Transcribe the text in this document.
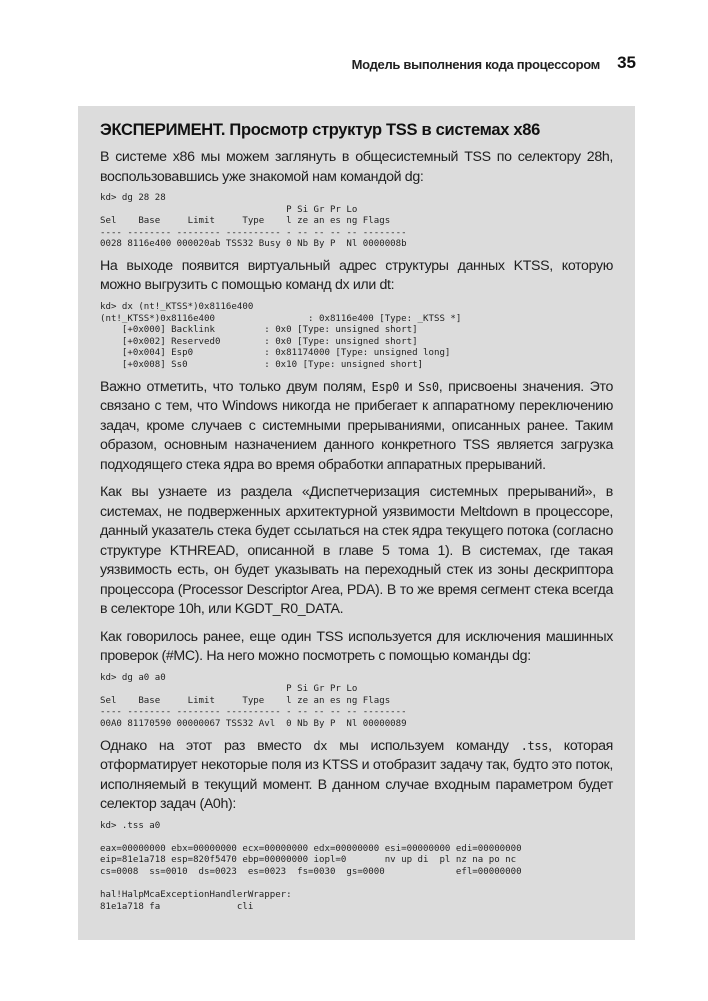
Модель выполнения кода процессором 35
ЭКСПЕРИМЕНТ. Просмотр структур TSS в системах x86

В системе x86 мы можем заглянуть в общесистемный TSS по селектору 28h, воспользовавшись уже знакомой нам командой dg:

kd> dg 28 28
P Si Gr Pr Lo
Sel    Base     Limit     Type    l ze an es ng Flags
---- -------- -------- ---------- - -- -- -- -- --------
0028 8116e400 000020ab TSS32 Busy 0 Nb By P  Nl 0000008b

На выходе появится виртуальный адрес структуры данных KTSS, которую можно выгрузить с помощью команд dx или dt:

kd> dx (nt!_KTSS*)0x8116e400
(nt!_KTSS*)0x8116e400                 : 0x8116e400 [Type: _KTSS *]
[+0x000] Backlink         : 0x0 [Type: unsigned short]
[+0x002] Reserved0        : 0x0 [Type: unsigned short]
[+0x004] Esp0             : 0x81174000 [Type: unsigned long]
[+0x008] Ss0              : 0x10 [Type: unsigned short]

Важно отметить, что только двум полям, Esp0 и Ss0, присвоены значения. Это связано с тем, что Windows никогда не прибегает к аппаратному переключению задач, кроме случаев с системными прерываниями, описанных ранее. Таким образом, основным назначением данного конкретного TSS является загрузка подходящего стека ядра во время обработки аппаратных прерываний.

Как вы узнаете из раздела «Диспетчеризация системных прерываний», в системах, не подверженных архитектурной уязвимости Meltdown в процессоре, данный указатель стека будет ссылаться на стек ядра текущего потока (согласно структуре KTHREAD, описанной в главе 5 тома 1). В системах, где такая уязвимость есть, он будет указывать на переходный стек из зоны дескриптора процессора (Processor Descriptor Area, PDA). В то же время сегмент стека всегда в селекторе 10h, или KGDT_R0_DATA.

Как говорилось ранее, еще один TSS используется для исключения машинных проверок (#MC). На него можно посмотреть с помощью команды dg:

kd> dg a0 a0
P Si Gr Pr Lo
Sel    Base     Limit     Type    l ze an es ng Flags
---- -------- -------- ---------- - -- -- -- -- --------
00A0 81170590 00000067 TSS32 Avl  0 Nb By P  Nl 00000089

Однако на этот раз вместо dx мы используем команду .tss, которая отформатирует некоторые поля из KTSS и отобразит задачу так, будто это поток, исполняемый в текущий момент. В данном случае входным параметром будет селектор задач (A0h):

kd> .tss a0

eax=00000000 ebx=00000000 ecx=00000000 edx=00000000 esi=00000000 edi=00000000
eip=81e1a718 esp=820f5470 ebp=00000000 iopl=0       nv up di  pl nz na po nc
cs=0008  ss=0010  ds=0023  es=0023  fs=0030  gs=0000             efl=00000000

hal!HalpMcaExceptionHandlerWrapper:
81e1a718 fa              cli
